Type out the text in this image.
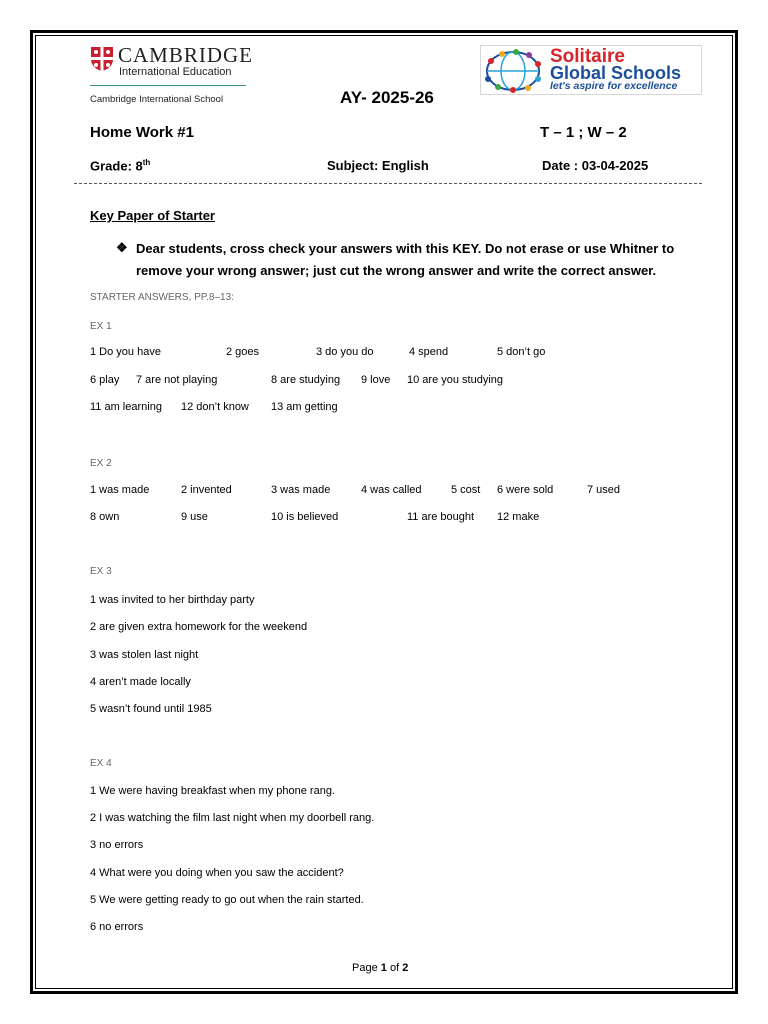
CAMBRIDGE
International Education
Cambridge International School	AY- 2025-26
Solitaire
Global Schools
let's aspire for excellence
Home Work #1	T – 1 ; W – 2
Grade: 8th	Subject: English	Date : 03-04-2025
Key Paper of Starter
❖ Dear students, cross check your answers with this KEY. Do not erase or use Whitner to remove your wrong answer; just cut the wrong answer and write the correct answer.
STARTER ANSWERS, PP.8–13:
EX 1
1 Do you have	2 goes	3 do you do	4 spend	5 don’t go
6 play 7 are not playing	8 are studying 9 love 10 are you studying
11 am learning 12 don’t know 13 am getting
EX 2
1 was made	2 invented	3 was made	4 was called	5 cost 6 were sold	7 used
8 own	9 use	10 is believed	11 are bought 12 make
EX 3
1 was invited to her birthday party
2 are given extra homework for the weekend
3 was stolen last night
4 aren’t made locally
5 wasn’t found until 1985
EX 4
1 We were having breakfast when my phone rang.
2 I was watching the film last night when my doorbell rang.
3 no errors
4 What were you doing when you saw the accident?
5 We were getting ready to go out when the rain started.
6 no errors
Page 1 of 2
